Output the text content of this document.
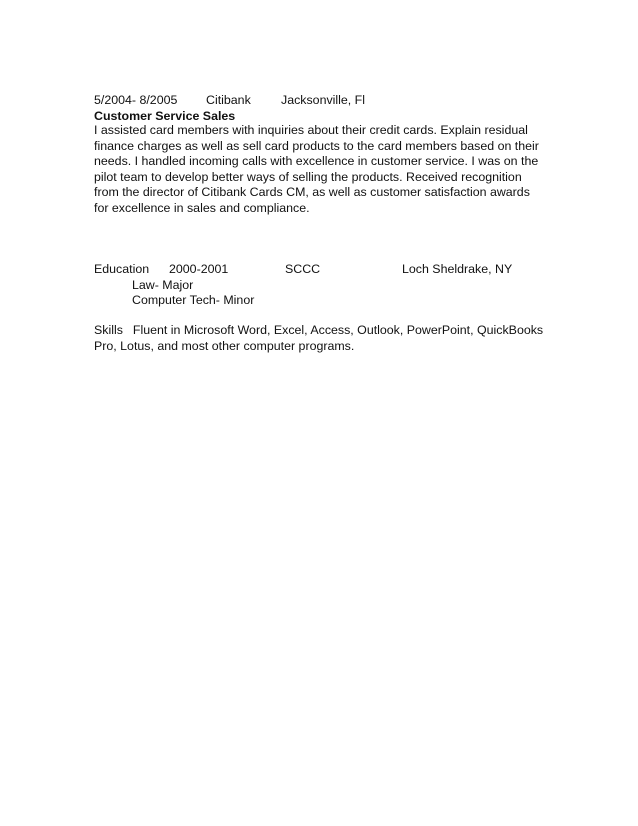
5/2004- 8/2005 Citibank Jacksonville, Fl
Customer Service Sales
I assisted card members with inquiries about their credit cards. Explain residual finance charges as well as sell card products to the card members based on their needs. I handled incoming calls with excellence in customer service. I was on the pilot team to develop better ways of selling the products. Received recognition from the director of Citibank Cards CM, as well as customer satisfaction awards for excellence in sales and compliance.
Education 2000-2001	SCCC	Loch Sheldrake, NY
Law- Major
Computer Tech- Minor
Skills Fluent in Microsoft Word, Excel, Access, Outlook, PowerPoint, QuickBooks Pro, Lotus, and most other computer programs.
